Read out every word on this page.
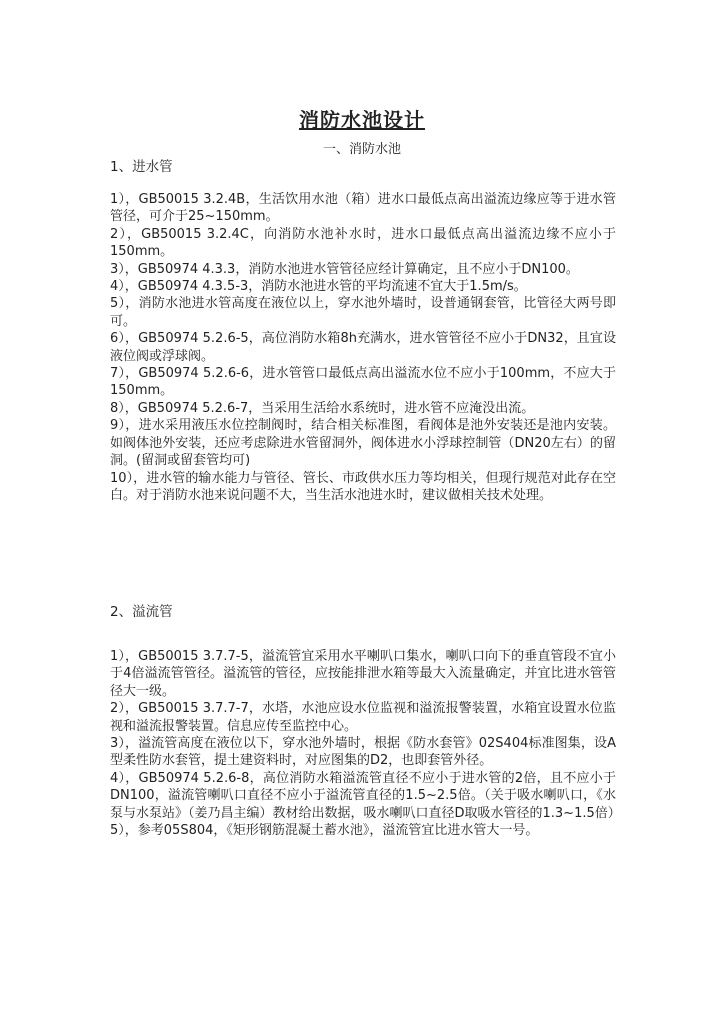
消防水池设计
一、消防水池
1、进水管

1），GB50015 3.2.4B，生活饮用水池（箱）进水口最低点高出溢流边缘应等于进水管管径，可介于25~150mm。

2），GB50015 3.2.4C，向消防水池补水时，进水口最低点高出溢流边缘不应小于150mm。

3），GB50974 4.3.3，消防水池进水管管径应经计算确定，且不应小于DN100。

4），GB50974 4.3.5-3，消防水池进水管的平均流速不宜大于1.5m/s。

5），消防水池进水管高度在液位以上，穿水池外墙时，设普通钢套管，比管径大两号即可。

6），GB50974 5.2.6-5，高位消防水箱8h充满水，进水管管径不应小于DN32，且宜设液位阀或浮球阀。

7），GB50974 5.2.6-6，进水管管口最低点高出溢流水位不应小于100mm，不应大于150mm。

8），GB50974 5.2.6-7，当采用生活给水系统时，进水管不应淹没出流。

9），进水采用液压水位控制阀时，结合相关标准图，看阀体是池外安装还是池内安装。如阀体池外安装，还应考虑除进水管留洞外，阀体进水小浮球控制管（DN20左右）的留洞。(留洞或留套管均可)

10），进水管的输水能力与管径、管长、市政供水压力等均相关，但现行规范对此存在空白。对于消防水池来说问题不大，当生活水池进水时，建议做相关技术处理。

2、溢流管

1），GB50015 3.7.7-5，溢流管宜采用水平喇叭口集水，喇叭口向下的垂直管段不宜小于4倍溢流管管径。溢流管的管径，应按能排泄水箱等最大入流量确定，并宜比进水管管径大一级。

2），GB50015 3.7.7-7，水塔，水池应设水位监视和溢流报警装置，水箱宜设置水位监视和溢流报警装置。信息应传至监控中心。

3），溢流管高度在液位以下，穿水池外墙时，根据《防水套管》02S404标准图集，设A型柔性防水套管，提土建资料时，对应图集的D2，也即套管外径。

4），GB50974 5.2.6-8，高位消防水箱溢流管直径不应小于进水管的2倍，且不应小于DN100，溢流管喇叭口直径不应小于溢流管直径的1.5~2.5倍。（关于吸水喇叭口，《水泵与水泵站》（姜乃昌主编）教材给出数据，吸水喇叭口直径D取吸水管径的1.3~1.5倍）

5），参考05S804，《矩形钢筋混凝土蓄水池》，溢流管宜比进水管大一号。
